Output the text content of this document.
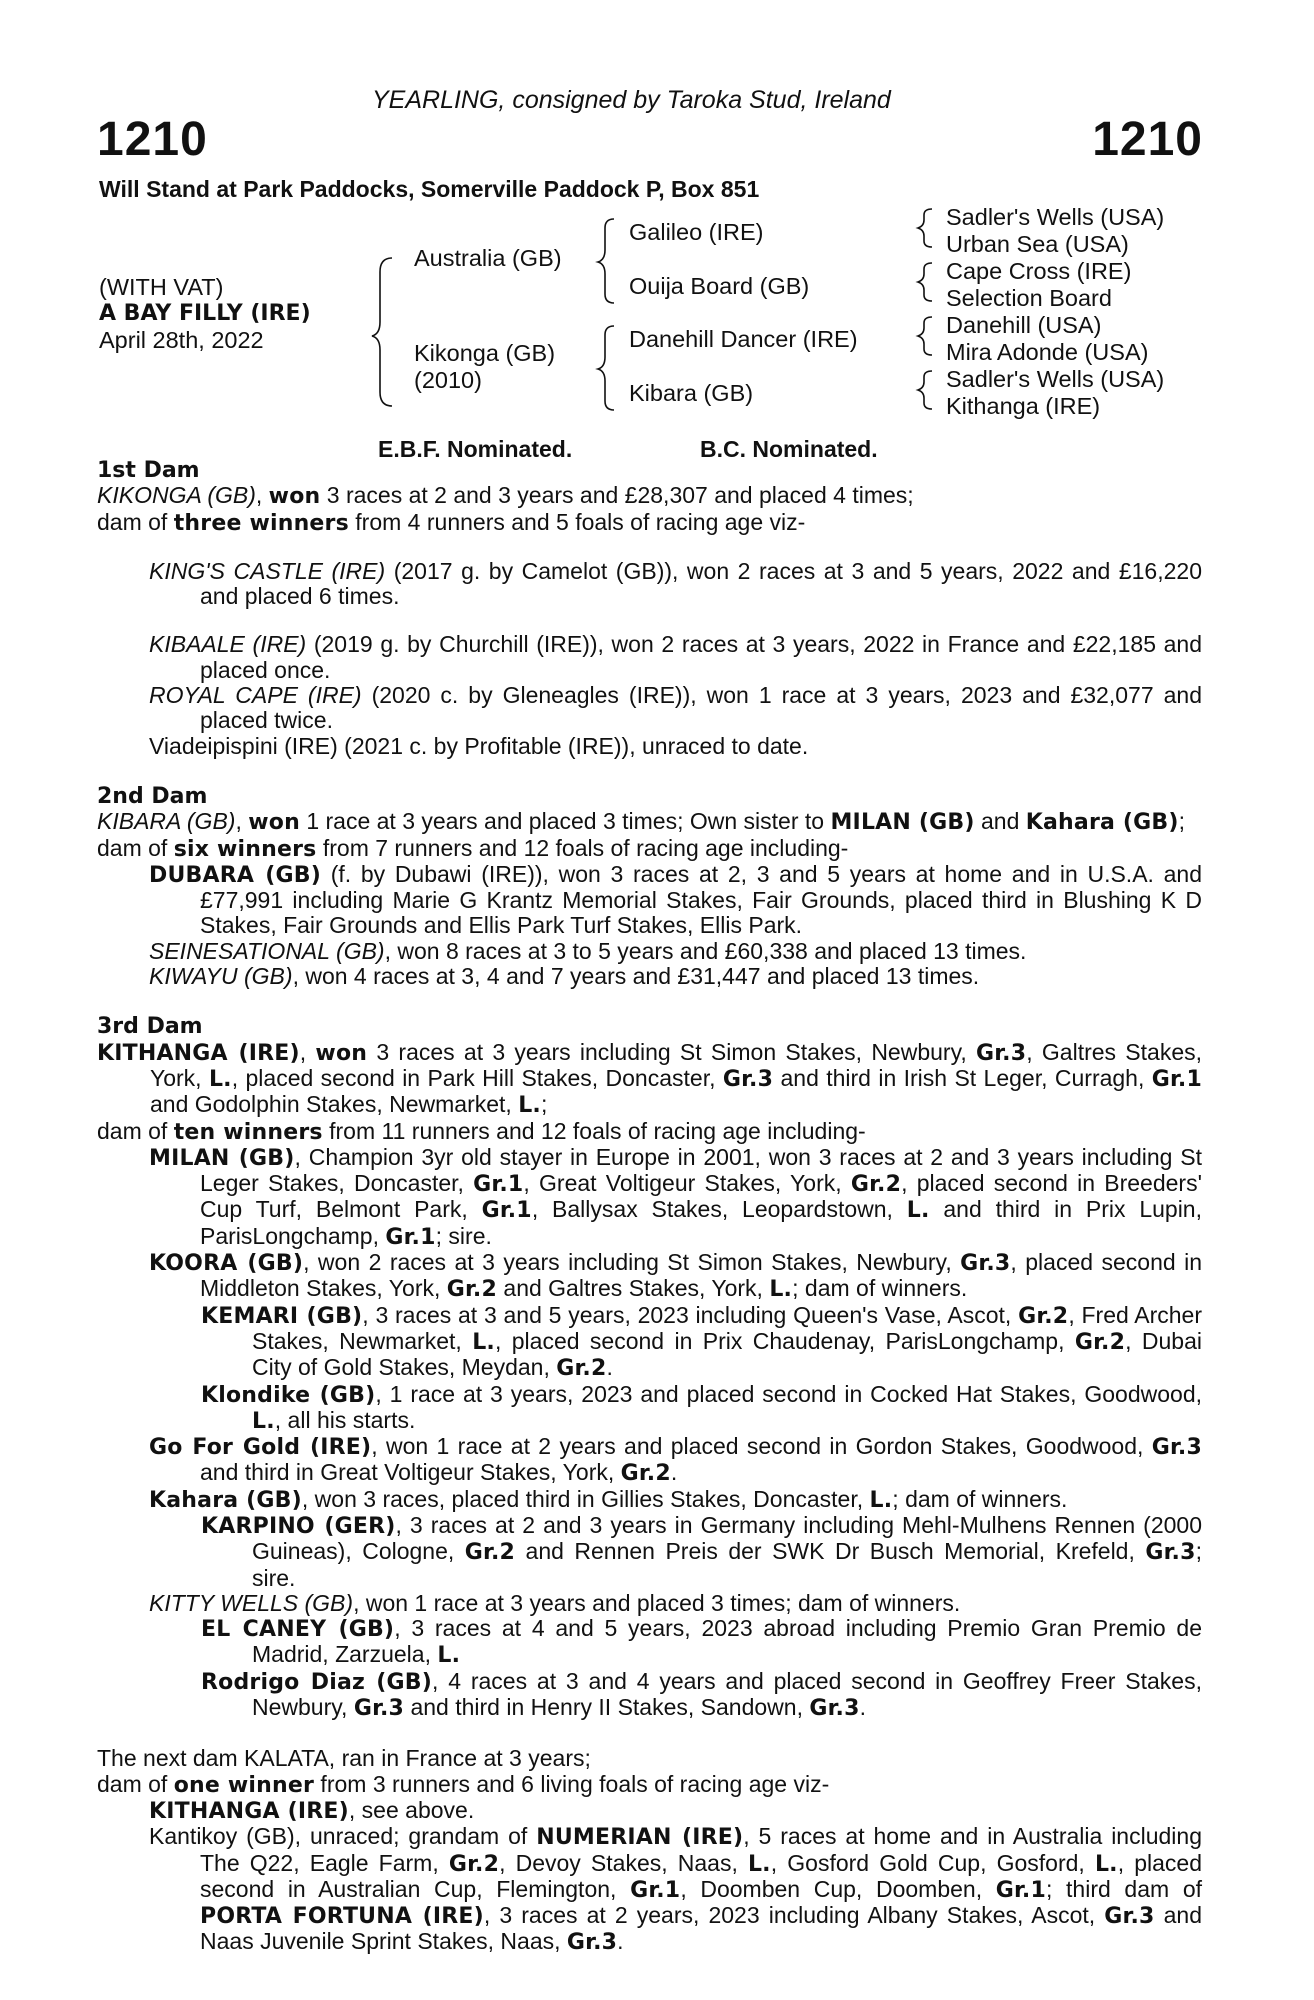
YEARLING, consigned by Taroka Stud, Ireland
1210	1210
Will Stand at Park Paddocks, Somerville Paddock P, Box 851
(WITH VAT)
A BAY FILLY (IRE)
April 28th, 2022
Australia (GB)
Kikonga (GB)
(2010)
Galileo (IRE)
Ouija Board (GB)
Danehill Dancer (IRE)
Kibara (GB)
Sadler's Wells (USA)
Urban Sea (USA)
Cape Cross (IRE)
Selection Board
Danehill (USA)
Mira Adonde (USA)
Sadler's Wells (USA)
Kithanga (IRE)
E.B.F. Nominated.	B.C. Nominated.
1st Dam

KIKONGA (GB), won 3 races at 2 and 3 years and £28,307 and placed 4 times;

dam of three winners from 4 runners and 5 foals of racing age viz-

KING'S CASTLE (IRE) (2017 g. by Camelot (GB)), won 2 races at 3 and 5 years, 2022 and £16,220 and placed 6 times.

KIBAALE (IRE) (2019 g. by Churchill (IRE)), won 2 races at 3 years, 2022 in France and £22,185 and placed once.

ROYAL CAPE (IRE) (2020 c. by Gleneagles (IRE)), won 1 race at 3 years, 2023 and £32,077 and placed twice.

Viadeipispini (IRE) (2021 c. by Profitable (IRE)), unraced to date.

2nd Dam

KIBARA (GB), won 1 race at 3 years and placed 3 times; Own sister to MILAN (GB) and Kahara (GB);

dam of six winners from 7 runners and 12 foals of racing age including-

DUBARA (GB) (f. by Dubawi (IRE)), won 3 races at 2, 3 and 5 years at home and in U.S.A. and £77,991 including Marie G Krantz Memorial Stakes, Fair Grounds, placed third in Blushing K D Stakes, Fair Grounds and Ellis Park Turf Stakes, Ellis Park.

SEINESATIONAL (GB), won 8 races at 3 to 5 years and £60,338 and placed 13 times.

KIWAYU (GB), won 4 races at 3, 4 and 7 years and £31,447 and placed 13 times.

3rd Dam

KITHANGA (IRE), won 3 races at 3 years including St Simon Stakes, Newbury, Gr.3, Galtres Stakes, York, L., placed second in Park Hill Stakes, Doncaster, Gr.3 and third in Irish St Leger, Curragh, Gr.1 and Godolphin Stakes, Newmarket, L.;

dam of ten winners from 11 runners and 12 foals of racing age including-

MILAN (GB), Champion 3yr old stayer in Europe in 2001, won 3 races at 2 and 3 years including St Leger Stakes, Doncaster, Gr.1, Great Voltigeur Stakes, York, Gr.2, placed second in Breeders' Cup Turf, Belmont Park, Gr.1, Ballysax Stakes, Leopardstown, L. and third in Prix Lupin, ParisLongchamp, Gr.1; sire.

KOORA (GB), won 2 races at 3 years including St Simon Stakes, Newbury, Gr.3, placed second in Middleton Stakes, York, Gr.2 and Galtres Stakes, York, L.; dam of winners.

KEMARI (GB), 3 races at 3 and 5 years, 2023 including Queen's Vase, Ascot, Gr.2, Fred Archer Stakes, Newmarket, L., placed second in Prix Chaudenay, ParisLongchamp, Gr.2, Dubai City of Gold Stakes, Meydan, Gr.2.

Klondike (GB), 1 race at 3 years, 2023 and placed second in Cocked Hat Stakes, Goodwood, L., all his starts.

Go For Gold (IRE), won 1 race at 2 years and placed second in Gordon Stakes, Goodwood, Gr.3 and third in Great Voltigeur Stakes, York, Gr.2.

Kahara (GB), won 3 races, placed third in Gillies Stakes, Doncaster, L.; dam of winners.

KARPINO (GER), 3 races at 2 and 3 years in Germany including Mehl-Mulhens Rennen (2000 Guineas), Cologne, Gr.2 and Rennen Preis der SWK Dr Busch Memorial, Krefeld, Gr.3; sire.

KITTY WELLS (GB), won 1 race at 3 years and placed 3 times; dam of winners.

EL CANEY (GB), 3 races at 4 and 5 years, 2023 abroad including Premio Gran Premio de Madrid, Zarzuela, L.

Rodrigo Diaz (GB), 4 races at 3 and 4 years and placed second in Geoffrey Freer Stakes, Newbury, Gr.3 and third in Henry II Stakes, Sandown, Gr.3.

The next dam KALATA, ran in France at 3 years;

dam of one winner from 3 runners and 6 living foals of racing age viz-

KITHANGA (IRE), see above.

Kantikoy (GB), unraced; grandam of NUMERIAN (IRE), 5 races at home and in Australia including The Q22, Eagle Farm, Gr.2, Devoy Stakes, Naas, L., Gosford Gold Cup, Gosford, L., placed second in Australian Cup, Flemington, Gr.1, Doomben Cup, Doomben, Gr.1; third dam of PORTA FORTUNA (IRE), 3 races at 2 years, 2023 including Albany Stakes, Ascot, Gr.3 and Naas Juvenile Sprint Stakes, Naas, Gr.3.
